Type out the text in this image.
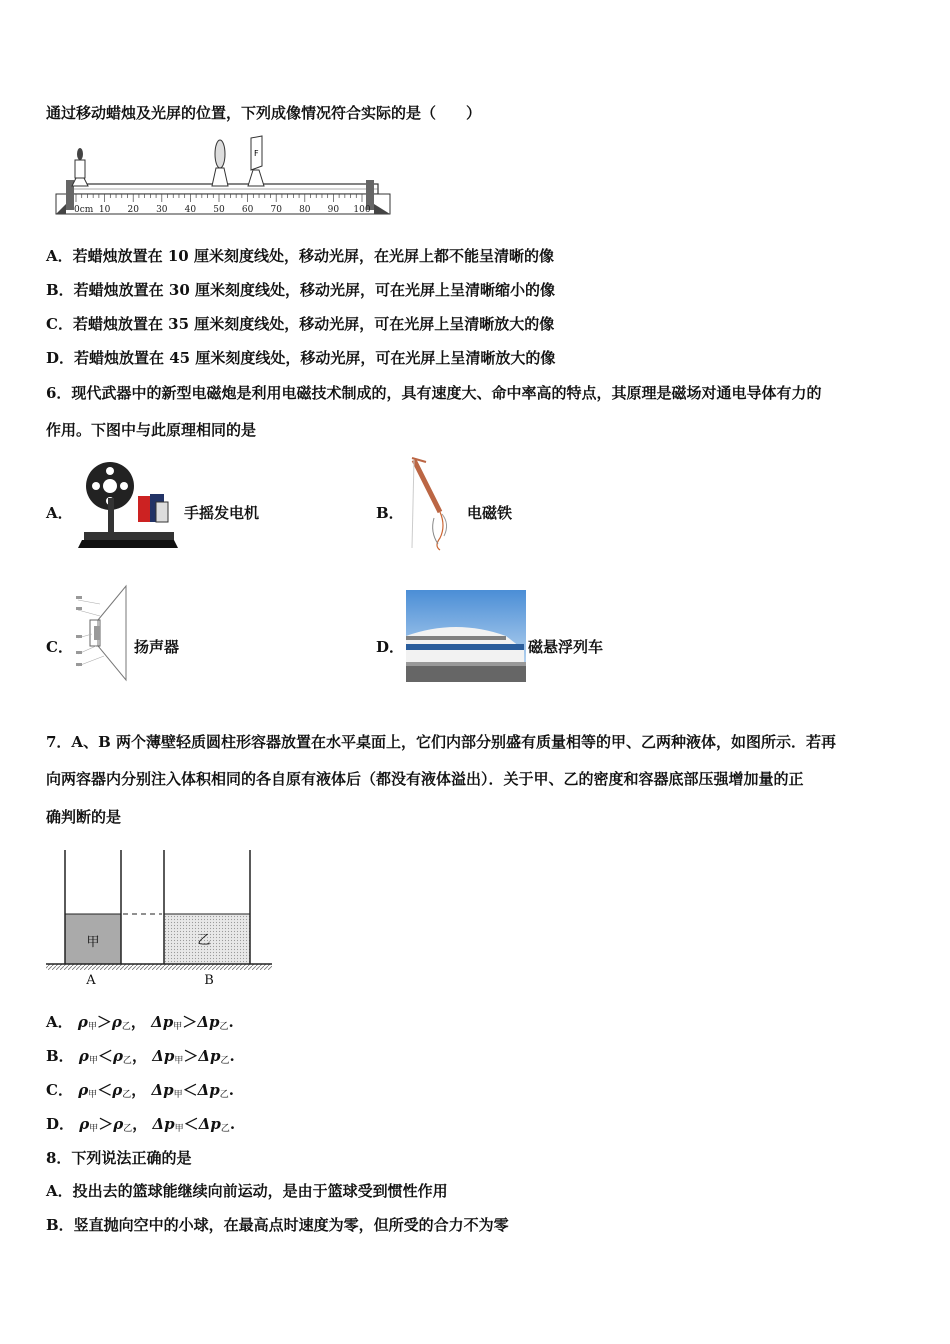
通过移动蜡烛及光屏的位置，下列成像情况符合实际的是（　　）
F
0cm 10 20 30 40 50 60 70 80 90 100
A．若蜡烛放置在 10 厘米刻度线处，移动光屏，在光屏上都不能呈清晰的像
B．若蜡烛放置在 30 厘米刻度线处，移动光屏，可在光屏上呈清晰缩小的像
C．若蜡烛放置在 35 厘米刻度线处，移动光屏，可在光屏上呈清晰放大的像
D．若蜡烛放置在 45 厘米刻度线处，移动光屏，可在光屏上呈清晰放大的像
6．现代武器中的新型电磁炮是利用电磁技术制成的，具有速度大、命中率高的特点，其原理是磁场对通电导体有力的
作用。下图中与此原理相同的是
A．	手摇发电机	B．	电磁铁
C．	扬声器	D．	磁悬浮列车
7．A、B 两个薄壁轻质圆柱形容器放置在水平桌面上，它们内部分别盛有质量相等的甲、乙两种液体，如图所示．若再
向两容器内分别注入体积相同的各自原有液体后（都没有液体溢出）．关于甲、乙的密度和容器底部压强增加量的正
确判断的是
甲	乙
A	B
A． $\rho_甲>\rho_乙$， $\Delta p_甲>\Delta p_乙$.
B． $\rho_甲<\rho_乙$， $\Delta p_甲>\Delta p_乙$.
C． $\rho_甲<\rho_乙$， $\Delta p_甲<\Delta p_乙$.
D． $\rho_甲>\rho_乙$， $\Delta p_甲<\Delta p_乙$.
8．下列说法正确的是
A．投出去的篮球能继续向前运动，是由于篮球受到惯性作用
B．竖直抛向空中的小球，在最高点时速度为零，但所受的合力不为零
